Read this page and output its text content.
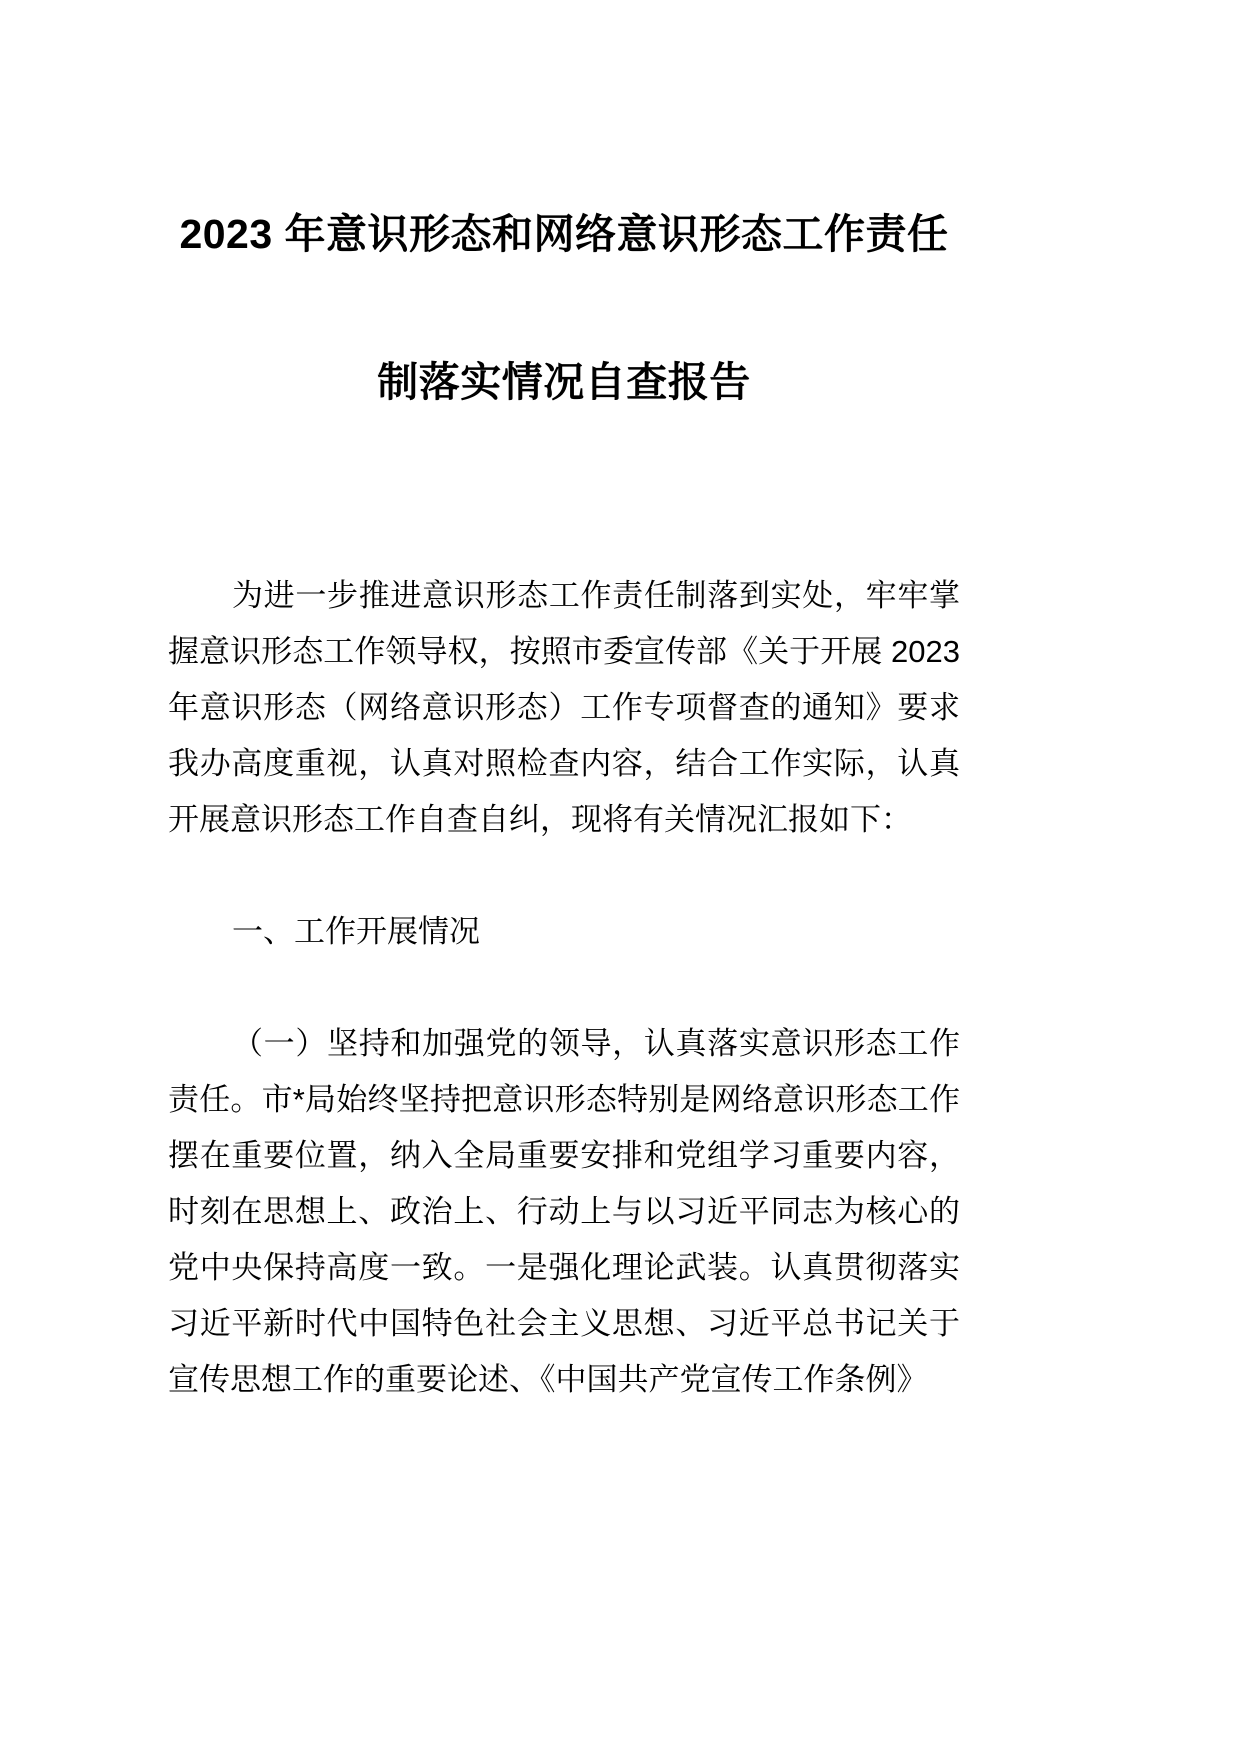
2023 年意识形态和网络意识形态工作责任
制落实情况自查报告

为进一步推进意识形态工作责任制落到实处，牢牢掌握意识形态工作领导权，按照市委宣传部《关于开展 2023 年意识形态（网络意识形态）工作专项督查的通知》要求我办高度重视，认真对照检查内容，结合工作实际，认真开展意识形态工作自查自纠，现将有关情况汇报如下：

一、工作开展情况

（一）坚持和加强党的领导，认真落实意识形态工作责任。市*局始终坚持把意识形态特别是网络意识形态工作摆在重要位置，纳入全局重要安排和党组学习重要内容，时刻在思想上、政治上、行动上与以习近平同志为核心的党中央保持高度一致。一是强化理论武装。认真贯彻落实习近平新时代中国特色社会主义思想、习近平总书记关于宣传思想工作的重要论述、《中国共产党宣传工作条例》
